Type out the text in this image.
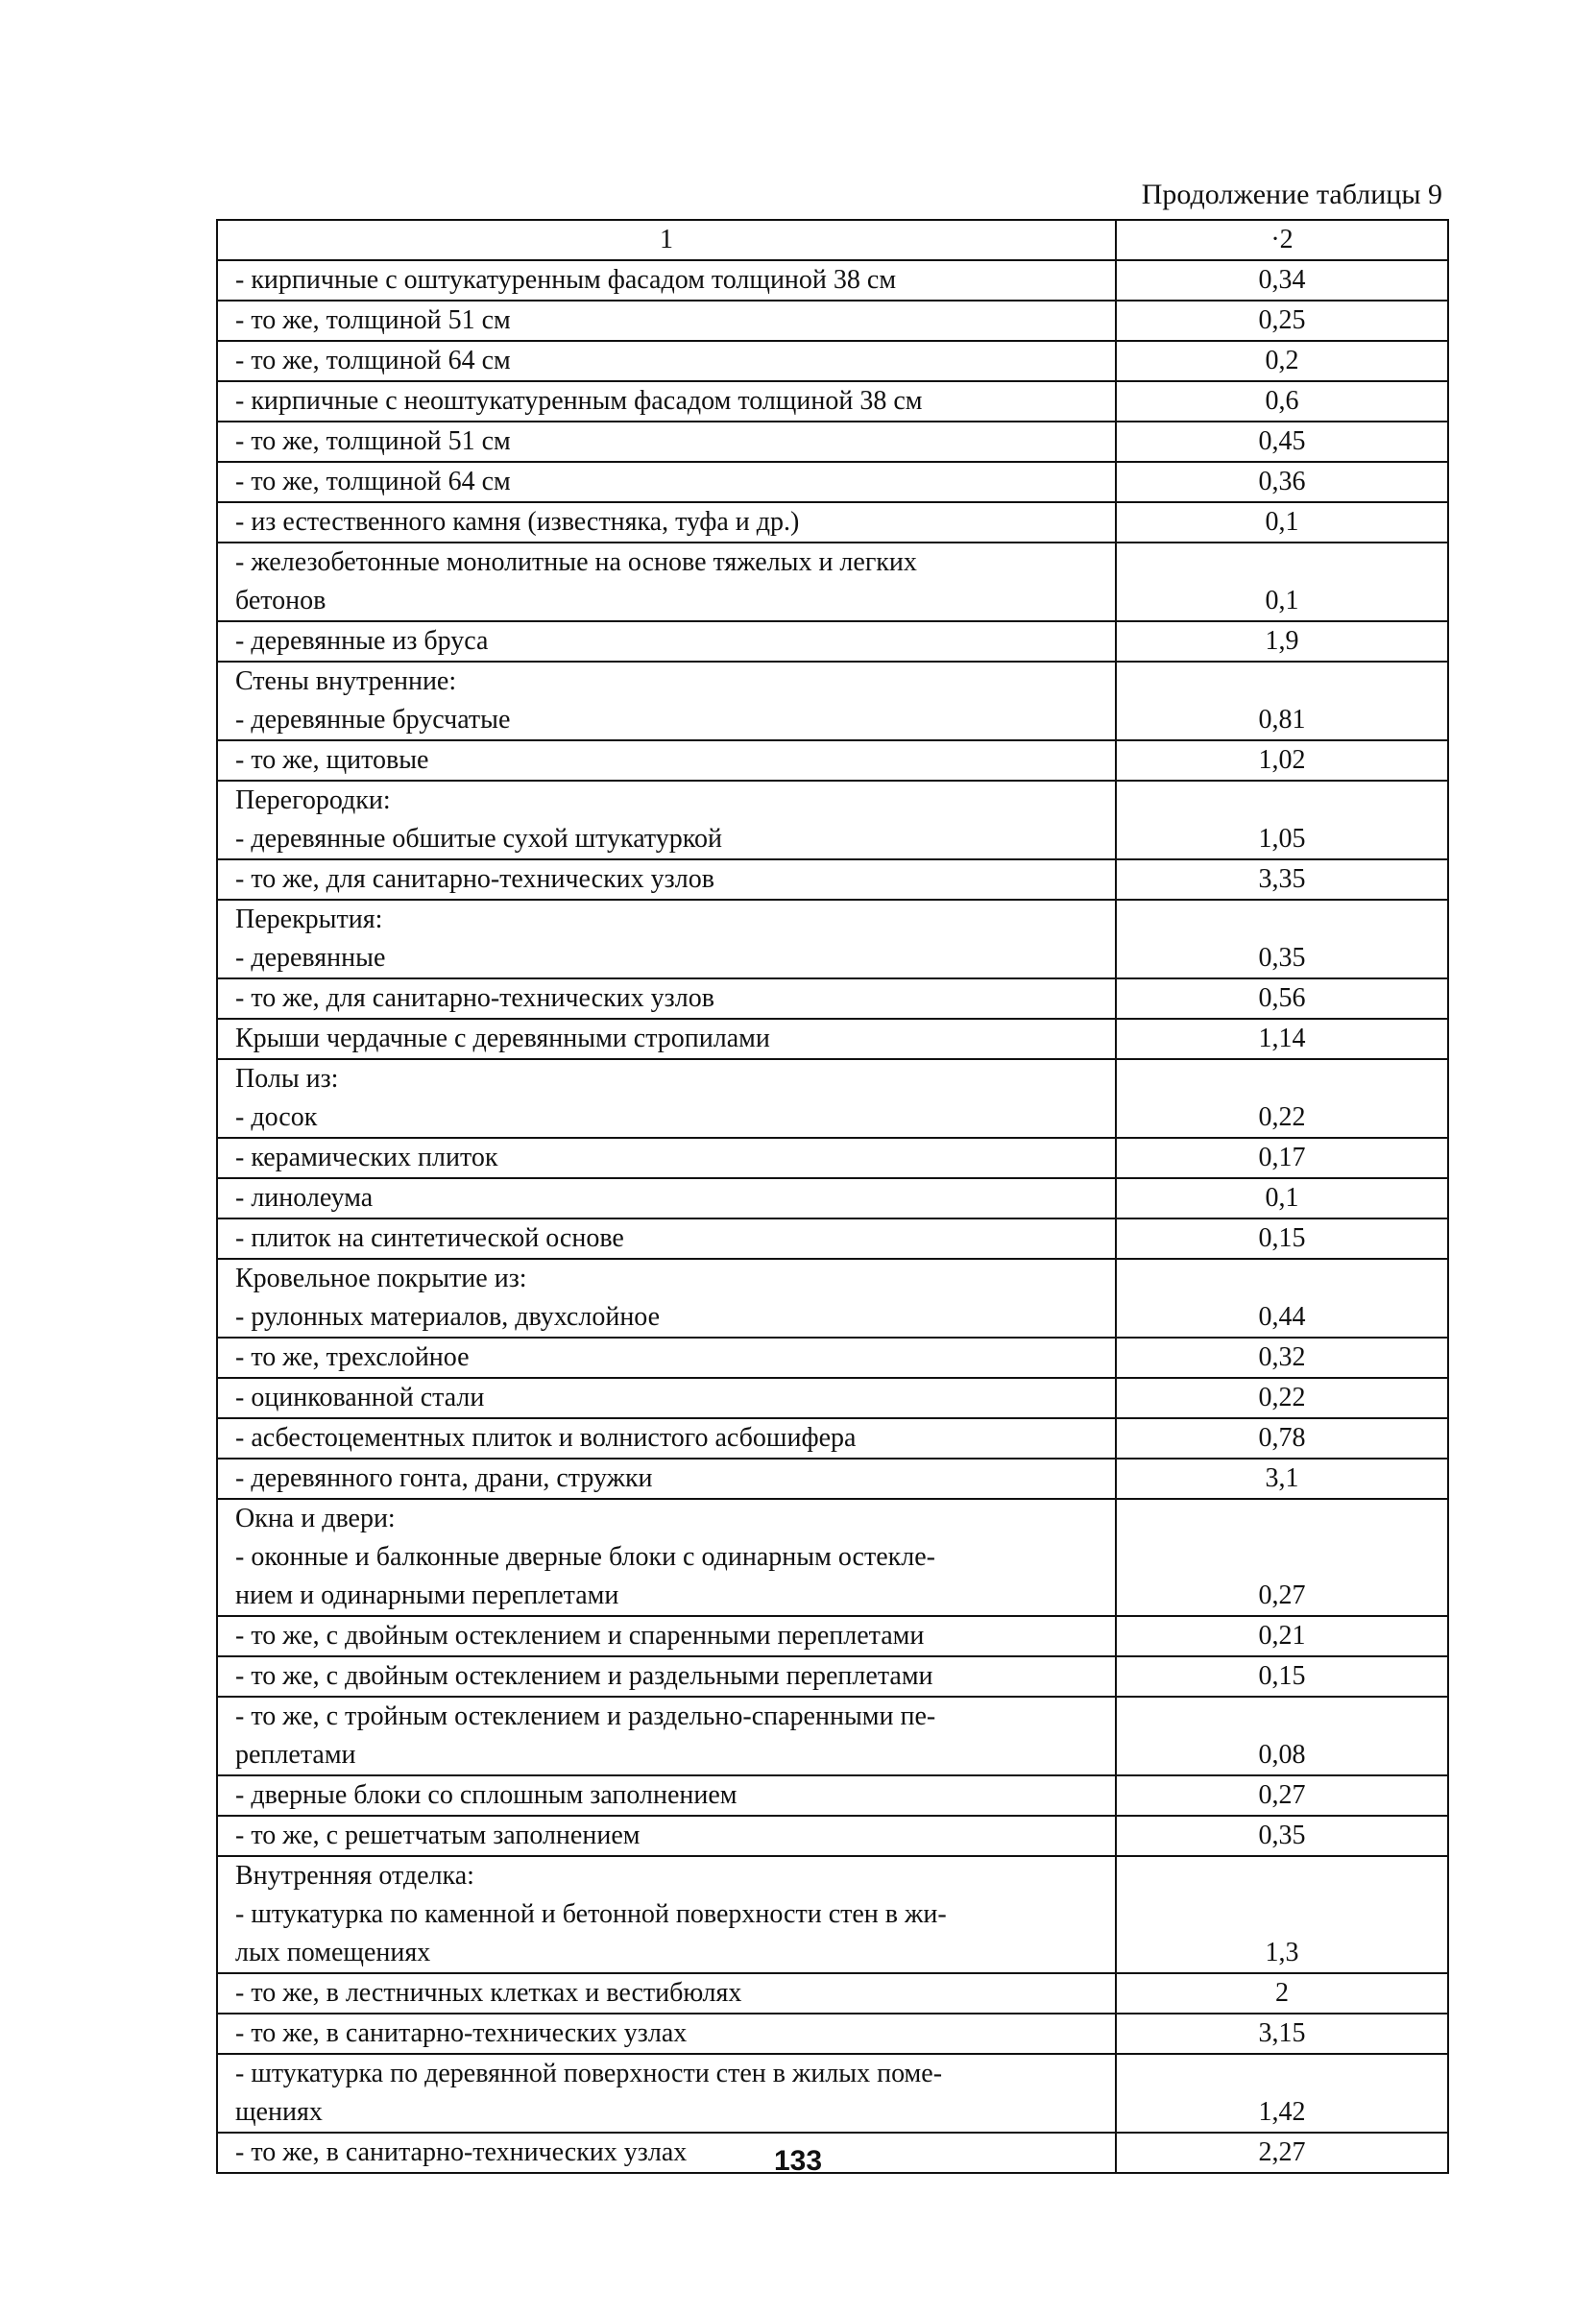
Продолжение таблицы 9
1	·2

- кирпичные с оштукатуренным фасадом толщиной 38 см	0,34

- то же, толщиной 51 см	0,25

- то же, толщиной 64 см	0,2

- кирпичные с неоштукатуренным фасадом толщиной 38 см	0,6

- то же, толщиной 51 см	0,45

- то же, толщиной 64 см	0,36

- из естественного камня (известняка, туфа и др.)	0,1

- железобетонные монолитные на основе тяжелых и легких
бетонов	0,1

- деревянные из бруса	1,9

Стены внутренние:
- деревянные брусчатые	0,81

- то же, щитовые	1,02

Перегородки:
- деревянные обшитые сухой штукатуркой	1,05

- то же, для санитарно-технических узлов	3,35

Перекрытия:
- деревянные	0,35

- то же, для санитарно-технических узлов	0,56

Крыши чердачные с деревянными стропилами	1,14

Полы из:
- досок	0,22

- керамических плиток	0,17

- линолеума	0,1

- плиток на синтетической основе	0,15

Кровельное покрытие из:
- рулонных материалов, двухслойное	0,44

- то же, трехслойное	0,32

- оцинкованной стали	0,22

- асбестоцементных плиток и волнистого асбошифера	0,78

- деревянного гонта, драни, стружки	3,1

Окна и двери:
- оконные и балконные дверные блоки с одинарным остекле-
нием и одинарными переплетами	0,27

- то же, с двойным остеклением и спаренными переплетами	0,21

- то же, с двойным остеклением и раздельными переплетами	0,15

- то же, с тройным остеклением и раздельно-спаренными пе-
реплетами	0,08

- дверные блоки со сплошным заполнением	0,27

- то же, с решетчатым заполнением	0,35

Внутренняя отделка:
- штукатурка по каменной и бетонной поверхности стен в жи-
лых помещениях	1,3

- то же, в лестничных клетках и вестибюлях	2

- то же, в санитарно-технических узлах	3,15

- штукатурка по деревянной поверхности стен в жилых поме-
щениях	1,42

- то же, в санитарно-технических узлах	2,27
133
